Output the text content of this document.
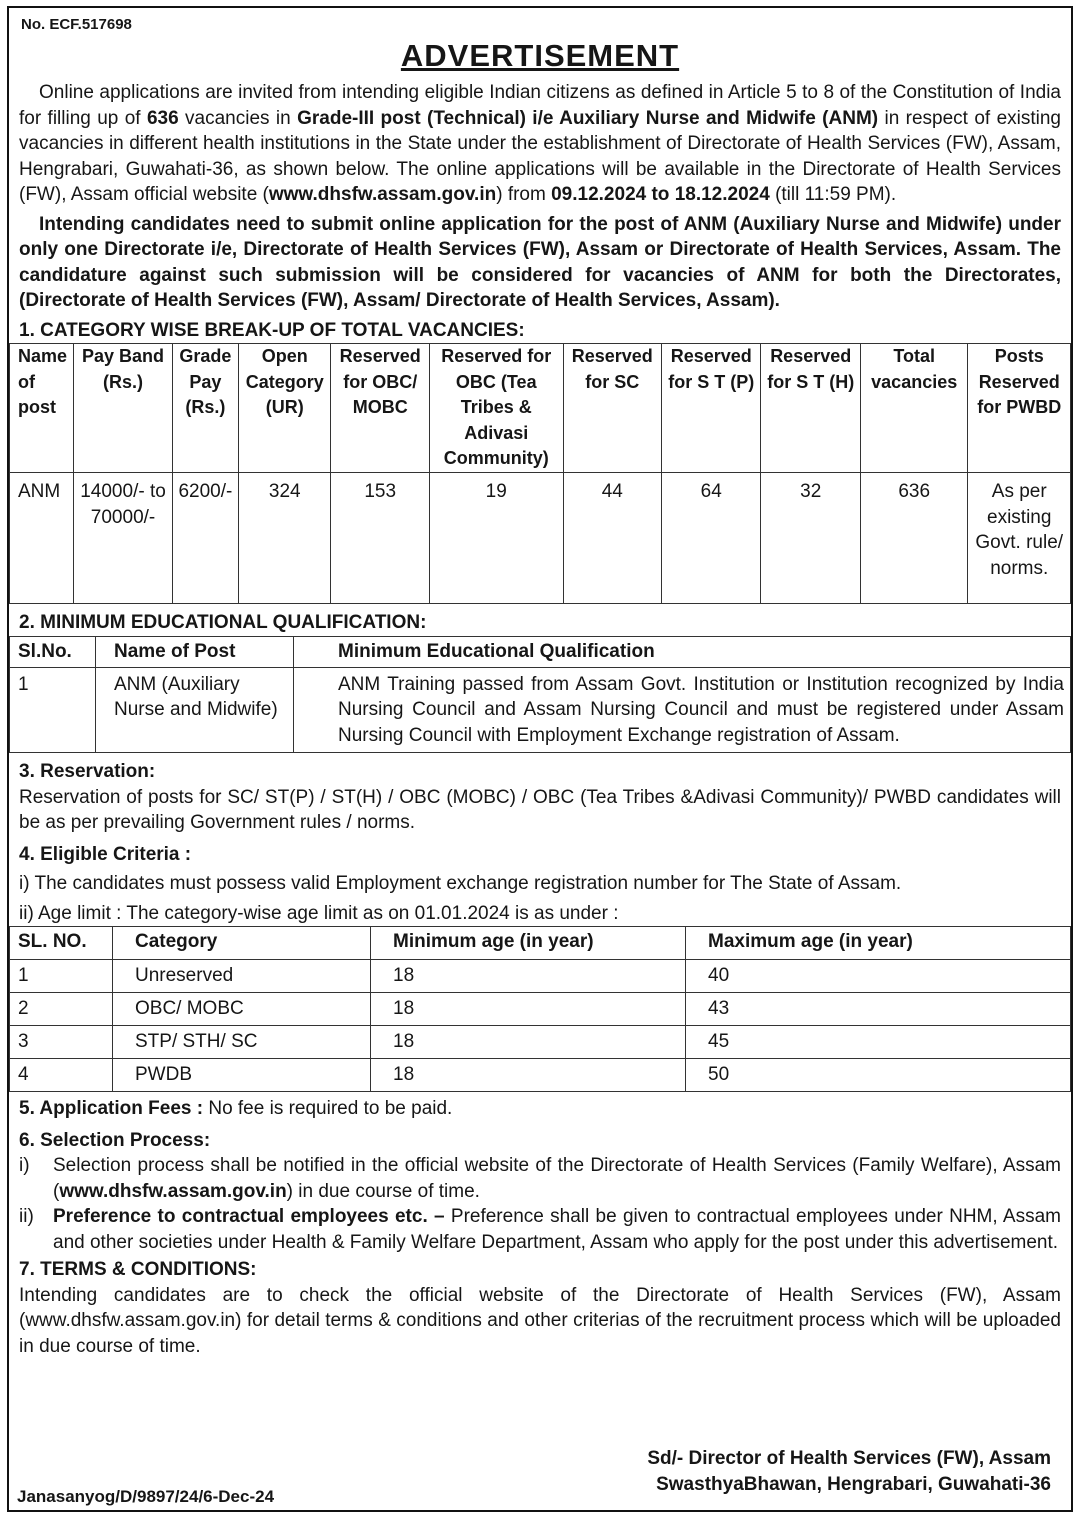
No. ECF.517698
ADVERTISEMENT

Online applications are invited from intending eligible Indian citizens as defined in Article 5 to 8 of the Constitution of India for filling up of 636 vacancies in Grade-III post (Technical) i/e Auxiliary Nurse and Midwife (ANM) in respect of existing vacancies in different health institutions in the State under the establishment of Directorate of Health Services (FW), Assam, Hengrabari, Guwahati-36, as shown below. The online applications will be available in the Directorate of Health Services (FW), Assam official website (www.dhsfw.assam.gov.in) from 09.12.2024 to 18.12.2024 (till 11:59 PM).

Intending candidates need to submit online application for the post of ANM (Auxiliary Nurse and Midwife) under only one Directorate i/e, Directorate of Health Services (FW), Assam or Directorate of Health Services, Assam. The candidature against such submission will be considered for vacancies of ANM for both the Directorates, (Directorate of Health Services (FW), Assam/ Directorate of Health Services, Assam).

1. CATEGORY WISE BREAK-UP OF TOTAL VACANCIES:
Name of post	Pay Band (Rs.)	Grade Pay (Rs.)	Open Category (UR)	Reserved for OBC/ MOBC	Reserved for OBC (Tea Tribes & Adivasi Community)	Reserved for SC	Reserved for S T (P)	Reserved for S T (H)	Total vacancies	Posts Reserved for PWBD
ANM	14000/- to 70000/-	6200/-	324	153	19	44	64	32	636	As per existing Govt. rule/ norms.
2. MINIMUM EDUCATIONAL QUALIFICATION:
Sl.No.	Name of Post	Minimum Educational Qualification
1	ANM (Auxiliary Nurse and Midwife)	ANM Training passed from Assam Govt. Institution or Institution recognized by India Nursing Council and Assam Nursing Council and must be registered under Assam Nursing Council with Employment Exchange registration of Assam.
3. Reservation:

Reservation of posts for SC/ ST(P) / ST(H) / OBC (MOBC) / OBC (Tea Tribes &Adivasi Community)/ PWBD candidates will be as per prevailing Government rules / norms.

4. Eligible Criteria :

i) The candidates must possess valid Employment exchange registration number for The State of Assam.

ii) Age limit : The category-wise age limit as on 01.01.2024 is as under :

SL. NO.	Category	Minimum age (in year)	Maximum age (in year)
1	Unreserved	18	40
2	OBC/ MOBC	18	43
3	STP/ STH/ SC	18	45
4	PWDB	18	50

5. Application Fees : No fee is required to be paid.

6. Selection Process:
i)	Selection process shall be notified in the official website of the Directorate of Health Services (Family Welfare), Assam (www.dhsfw.assam.gov.in) in due course of time.
ii)	Preference to contractual employees etc. – Preference shall be given to contractual employees under NHM, Assam and other societies under Health & Family Welfare Department, Assam who apply for the post under this advertisement.
7. TERMS & CONDITIONS:

Intending candidates are to check the official website of the Directorate of Health Services (FW), Assam (www.dhsfw.assam.gov.in) for detail terms & conditions and other criterias of the recruitment process which will be uploaded in due course of time.

Sd/- Director of Health Services (FW), Assam
SwasthyaBhawan, Hengrabari, Guwahati-36
Janasanyog/D/9897/24/6-Dec-24
